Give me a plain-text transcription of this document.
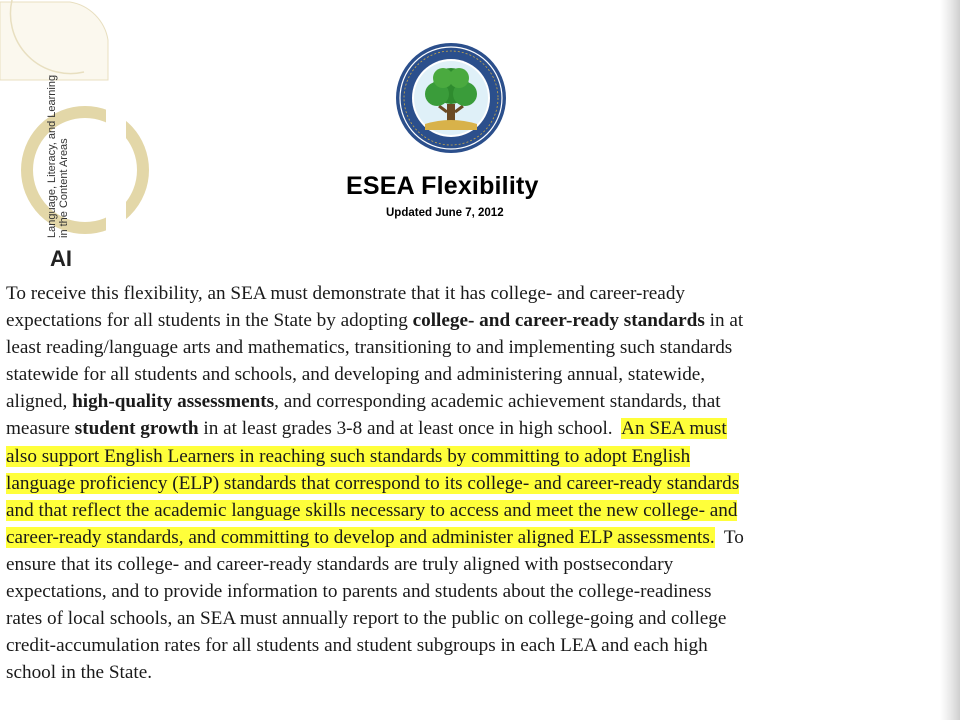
Language, Literacy, and Learning in the Content Areas
AI
ESEA Flexibility
Updated June 7, 2012
To receive this flexibility, an SEA must demonstrate that it has college- and career-ready
expectations for all students in the State by adopting college- and career-ready standards in at
least reading/language arts and mathematics, transitioning to and implementing such standards
statewide for all students and schools, and developing and administering annual, statewide,
aligned, high-quality assessments, and corresponding academic achievement standards, that
measure student growth in at least grades 3-8 and at least once in high school.  An SEA must
also support English Learners in reaching such standards by committing to adopt English
language proficiency (ELP) standards that correspond to its college- and career-ready standards
and that reflect the academic language skills necessary to access and meet the new college- and
career-ready standards, and committing to develop and administer aligned ELP assessments.  To
ensure that its college- and career-ready standards are truly aligned with postsecondary
expectations, and to provide information to parents and students about the college-readiness
rates of local schools, an SEA must annually report to the public on college-going and college
credit-accumulation rates for all students and student subgroups in each LEA and each high
school in the State.
